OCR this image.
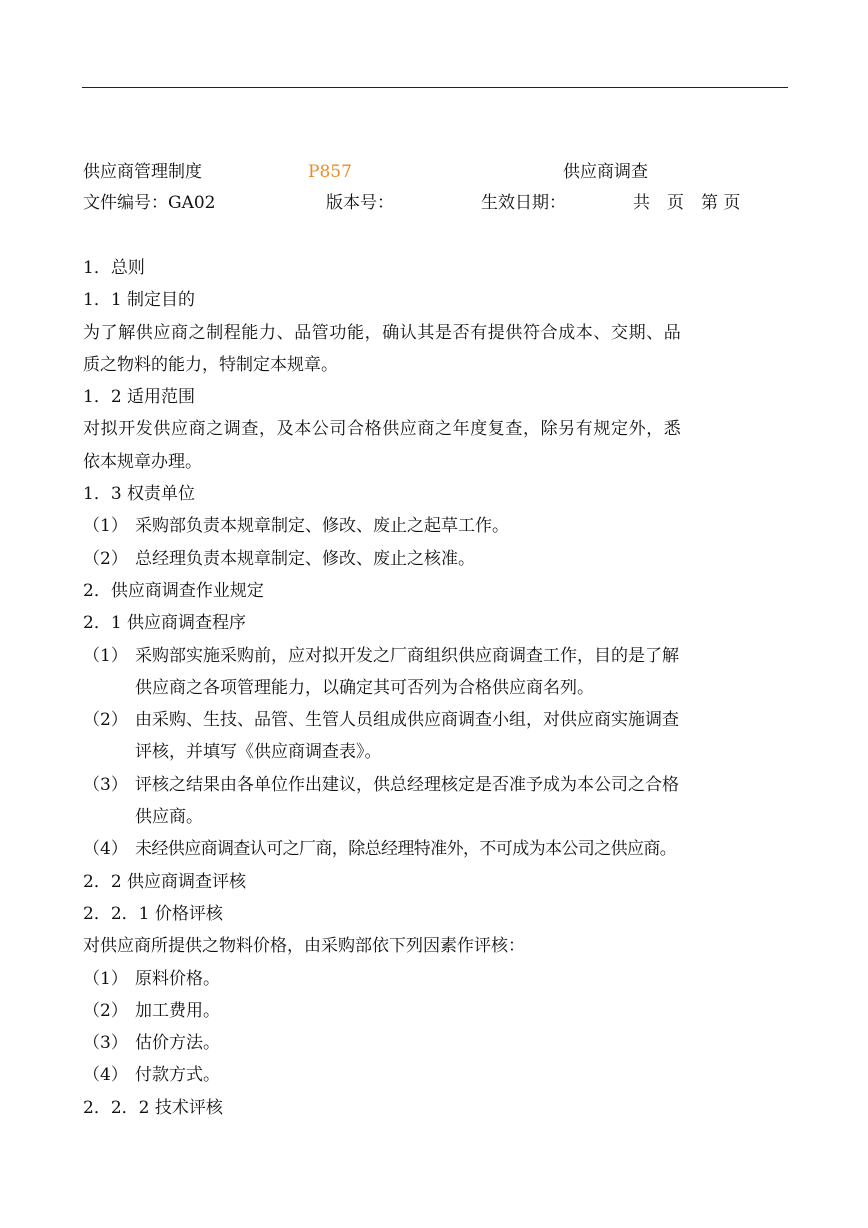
供应商管理制度	P857	供应商调查
文件编号：GA02	版本号：	生效日期：	共　页　第 页
1．总则
1．1 制定目的
为了解供应商之制程能力、品管功能，确认其是否有提供符合成本、交期、品
质之物料的能力，特制定本规章。
1．2 适用范围
对拟开发供应商之调查，及本公司合格供应商之年度复查，除另有规定外，悉
依本规章办理。
1．3 权责单位
（1） 采购部负责本规章制定、修改、废止之起草工作。
（2） 总经理负责本规章制定、修改、废止之核准。
2．供应商调查作业规定
2．1 供应商调查程序
（1） 采购部实施采购前，应对拟开发之厂商组织供应商调查工作，目的是了解
供应商之各项管理能力，以确定其可否列为合格供应商名列。
（2） 由采购、生技、品管、生管人员组成供应商调查小组，对供应商实施调查
评核，并填写《供应商调查表》。
（3） 评核之结果由各单位作出建议，供总经理核定是否准予成为本公司之合格
供应商。
（4） 未经供应商调查认可之厂商，除总经理特准外，不可成为本公司之供应商。
2．2 供应商调查评核
2．2．1 价格评核
对供应商所提供之物料价格，由采购部依下列因素作评核：
（1） 原料价格。
（2） 加工费用。
（3） 估价方法。
（4） 付款方式。
2．2．2 技术评核
